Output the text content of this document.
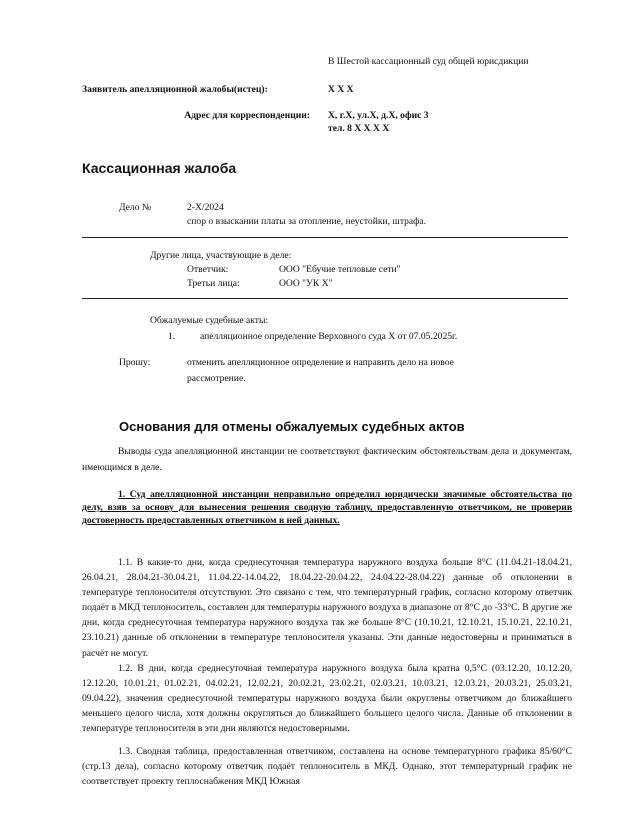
В Шестой кассационный суд общей юрисдикции
Заявитель апелляционной жалобы(истец):	Х Х Х
Адрес для корреспонденции: Х, г.Х, ул.Х, д.Х, офис 3
тел. 8 Х Х Х Х
Кассационная жалоба
Дело №	2-Х/2024
спор о взыскании платы за отопление, неустойки, штрафа.
Другие лица, участвующие в деле:
Ответчик:	ООО "Ебучие тепловые сети"
Третьи лица:	ООО "УК Х"
Обжалуемые судебные акты:
1.	апелляционное определение Верховного суда Х от 07.05.2025г.
Прошу:	отменить апелляционное определение и направить дело на новое
рассмотрение.
Основания для отмены обжалуемых судебных актов
Выводы суда апелляционной инстанции не соответствуют фактическим обстоятельствам дела и документам, имеющимся в деле.
1. Суд апелляционной инстанции неправильно определил юридически значимые обстоятельства по делу, взяв за основу для вынесения решения сводную таблицу, предоставленную ответчиком, не проверив достоверность предоставленных ответчиком в ней данных.
1.1. В какие-то дни, когда среднесуточная температура наружного воздуха больше 8°С (11.04.21-18.04.21, 26.04.21, 28.04.21-30.04.21, 11.04.22-14.04.22, 18.04.22-20.04.22, 24.04.22-28.04.22) данные об отклонении в температуре теплоносителя отсутствуют. Это связано с тем, что температурный график, согласно которому ответчик подаёт в МКД теплоноситель, составлен для температуры наружного воздуха в диапазоне от 8°С до -33°С. В другие же дни, когда среднесуточная температура наружного воздуха так же больше 8°С (10.10.21, 12.10.21, 15.10.21, 22.10.21, 23.10.21) данные об отклонении в температуре теплоносителя указаны. Эти данные недостоверны и приниматься в расчёт не могут.
1.2. В дни, когда среднесуточная температура наружного воздуха была кратна 0,5°С (03.12.20, 10.12.20, 12.12.20, 10.01.21, 01.02.21, 04.02.21, 12.02.21, 20.02.21, 23.02.21, 02.03.21, 10.03.21, 12.03.21, 20.03.21, 25.03.21, 09.04.22), значения среднесуточной температуры наружного воздуха были округлены ответчиком до ближайшего меньшего целого числа, хотя должны округляться до ближайшего большего целого числа. Данные об отклонении в температуре теплоносителя в эти дни являются недостоверными.
1.3. Сводная таблица, предоставленная ответчиком, составлена на основе температурного графика 85/60°С (стр.13 дела), согласно которому ответчик подаёт теплоноситель в МКД. Однако, этот температурный график не соответствует проекту теплоснабжения МКД Южная
